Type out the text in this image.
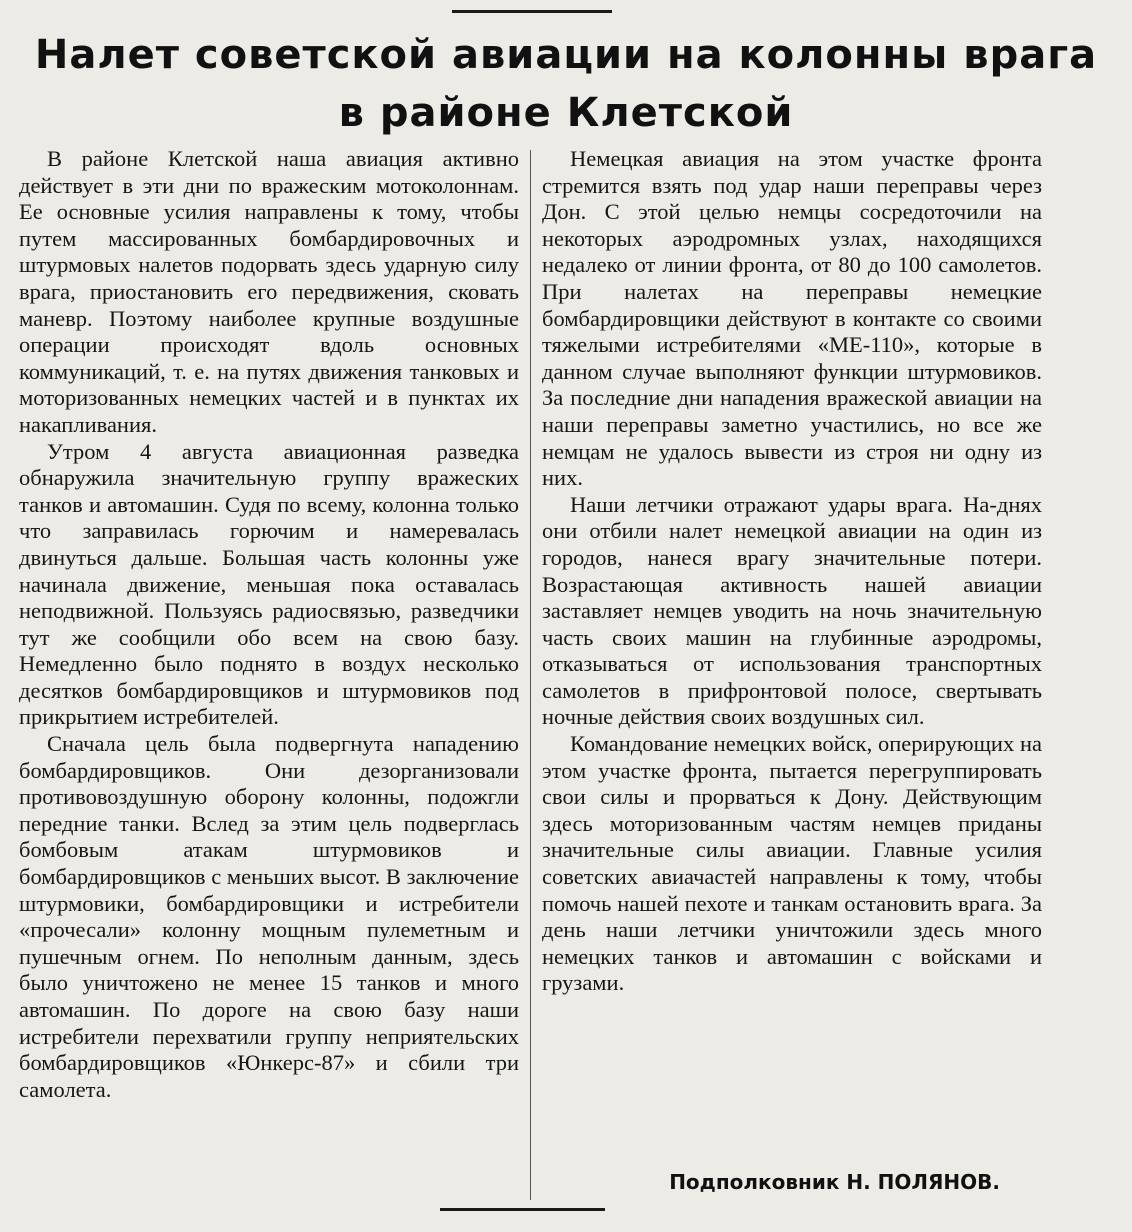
Налет советской авиации на колонны врага в районе Клетской

В районе Клетской наша авиация активно действует в эти дни по вражеским мотоколоннам. Ее основные усилия направлены к тому, чтобы путем массированных бомбардировочных и штурмовых налетов подорвать здесь ударную силу врага, приостановить его передвижения, сковать маневр. Поэтому наиболее крупные воздушные операции происходят вдоль основных коммуникаций, т. е. на путях движения танковых и моторизованных немецких частей и в пунктах их накапливания.

Утром 4 августа авиационная разведка обнаружила значительную группу вражеских танков и автомашин. Судя по всему, колонна только что заправилась горючим и намеревалась двинуться дальше. Большая часть колонны уже начинала движение, меньшая пока оставалась неподвижной. Пользуясь радиосвязью, разведчики тут же сообщили обо всем на свою базу. Немедленно было поднято в воздух несколько десятков бомбардировщиков и штурмовиков под прикрытием истребителей.

Сначала цель была подвергнута нападению бомбардировщиков. Они дезорганизовали противовоздушную оборону колонны, подожгли передние танки. Вслед за этим цель подверглась бомбовым атакам штурмовиков и бомбардировщиков с меньших высот. В заключение штурмовики, бомбардировщики и истребители «прочесали» колонну мощным пулеметным и пушечным огнем. По неполным данным, здесь было уничтожено не менее 15 танков и много автомашин. По дороге на свою базу наши истребители перехватили группу неприятельских бомбардировщиков «Юнкерс-87» и сбили три самолета.

Немецкая авиация на этом участке фронта стремится взять под удар наши переправы через Дон. С этой целью немцы сосредоточили на некоторых аэродромных узлах, находящихся недалеко от линии фронта, от 80 до 100 самолетов. При налетах на переправы немецкие бомбардировщики действуют в контакте со своими тяжелыми истребителями «МЕ-110», которые в данном случае выполняют функции штурмовиков. За последние дни нападения вражеской авиации на наши переправы заметно участились, но все же немцам не удалось вывести из строя ни одну из них.

Наши летчики отражают удары врага. На-днях они отбили налет немецкой авиации на один из городов, нанеся врагу значительные потери. Возрастающая активность нашей авиации заставляет немцев уводить на ночь значительную часть своих машин на глубинные аэродромы, отказываться от использования транспортных самолетов в прифронтовой полосе, свертывать ночные действия своих воздушных сил.

Командование немецких войск, оперирующих на этом участке фронта, пытается перегруппировать свои силы и прорваться к Дону. Действующим здесь моторизованным частям немцев приданы значительные силы авиации. Главные усилия советских авиачастей направлены к тому, чтобы помочь нашей пехоте и танкам остановить врага. За день наши летчики уничтожили здесь много немецких танков и автомашин с войсками и грузами.

Подполковник Н. ПОЛЯНОВ.
